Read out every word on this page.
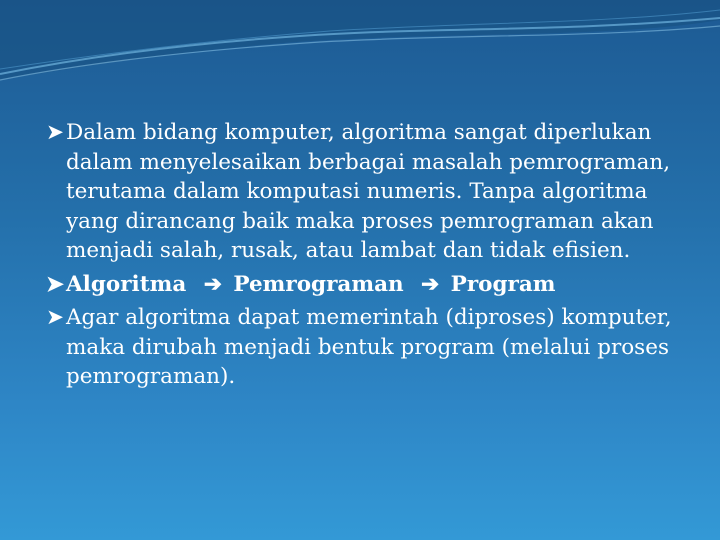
➤ Dalam bidang komputer, algoritma sangat diperlukan dalam menyelesaikan berbagai masalah pemrograman, terutama dalam komputasi numeris. Tanpa algoritma yang dirancang baik maka proses pemrograman akan menjadi salah, rusak, atau lambat dan tidak efisien.
➤ Algoritma ➔ Pemrograman ➔ Program
➤ Agar algoritma dapat memerintah (diproses) komputer, maka dirubah menjadi bentuk program (melalui proses pemrograman).
